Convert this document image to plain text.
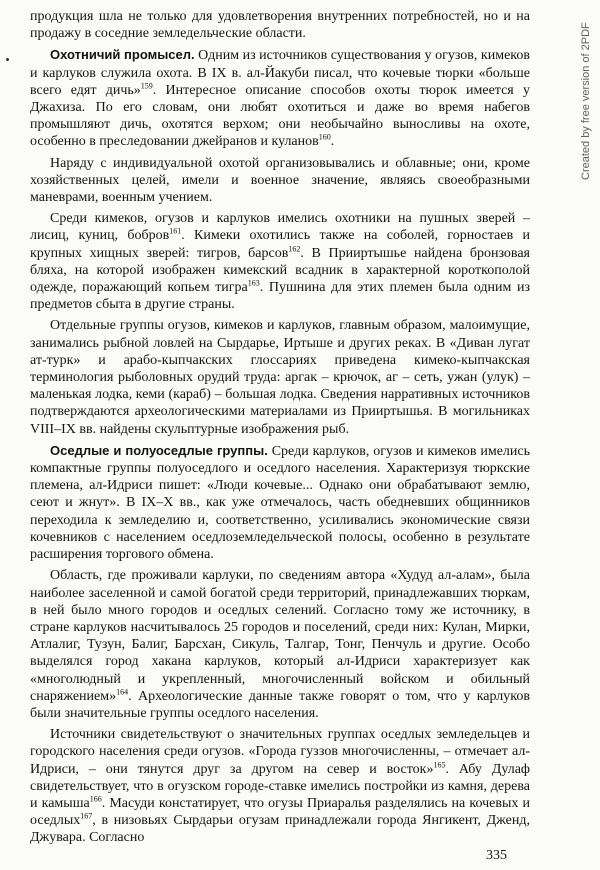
продукция шла не только для удовлетворения внутренних потребностей, но и на продажу в соседние земледельческие области.

Охотничий промысел. Одним из источников существования у огузов, кимеков и карлуков служила охота. В IX в. ал-Йакуби писал, что кочевые тюрки «больше всего едят дичь»$^{159}$. Интересное описание способов охоты тюрок имеется у Джахиза. По его словам, они любят охотиться и даже во время набегов промышляют дичь, охотятся верхом; они необычайно выносливы на охоте, особенно в преследовании джейранов и куланов$^{160}$.

Наряду с индивидуальной охотой организовывались и облавные; они, кроме хозяйственных целей, имели и военное значение, являясь своеобразными маневрами, военным учением.

Среди кимеков, огузов и карлуков имелись охотники на пушных зверей – лисиц, куниц, бобров$^{161}$. Кимеки охотились также на соболей, горностаев и крупных хищных зверей: тигров, барсов$^{162}$. В Прииртышье найдена бронзовая бляха, на которой изображен кимекский всадник в характерной короткополой одежде, поражающий копьем тигра$^{163}$. Пушнина для этих племен была одним из предметов сбыта в другие страны.

Отдельные группы огузов, кимеков и карлуков, главным образом, малоимущие, занимались рыбной ловлей на Сырдарье, Иртыше и других реках. В «Диван лугат ат-турк» и арабо-кыпчакских глоссариях приведена кимеко-кыпчакская терминология рыболовных орудий труда: аргак – крючок, аг – сеть, ужан (улук) – маленькая лодка, кеми (караб) – большая лодка. Сведения нарративных источников подтверждаются археологическими материалами из Прииртышья. В могильниках VIII–IX вв. найдены скульптурные изображения рыб.

Оседлые и полуоседлые группы. Среди карлуков, огузов и кимеков имелись компактные группы полуоседлого и оседлого населения. Характеризуя тюркские племена, ал-Идриси пишет: «Люди кочевые... Однако они обрабатывают землю, сеют и жнут». В IX–X вв., как уже отмечалось, часть обедневших общинников переходила к земледелию и, соответственно, усиливались экономические связи кочевников с населением оседлоземледельческой полосы, особенно в результате расширения торгового обмена.

Область, где проживали карлуки, по сведениям автора «Худуд ал-алам», была наиболее заселенной и самой богатой среди территорий, принадлежавших тюркам, в ней было много городов и оседлых селений. Согласно тому же источнику, в стране карлуков насчитывалось 25 городов и поселений, среди них: Кулан, Мирки, Атлалиг, Тузун, Балиг, Барсхан, Сикуль, Талгар, Тонг, Пенчуль и другие. Особо выделялся город хакана карлуков, который ал-Идриси характеризует как «многолюдный и укрепленный, многочисленный войском и обильный снаряжением»$^{164}$. Археологические данные также говорят о том, что у карлуков были значительные группы оседлого населения.

Источники свидетельствуют о значительных группах оседлых земледельцев и городского населения среди огузов. «Города гуззов многочисленны, – отмечает ал-Идриси, – они тянутся друг за другом на север и восток»$^{165}$. Абу Дулаф свидетельствует, что в огузском городе-ставке имелись постройки из камня, дерева и камыша$^{166}$. Масуди констатирует, что огузы Приаралья разделялись на кочевых и оседлых$^{167}$, в низовьях Сырдарьи огузам принадлежали города Янгикент, Дженд, Джувара. Согласно

335
Created by free version of 2PDF
